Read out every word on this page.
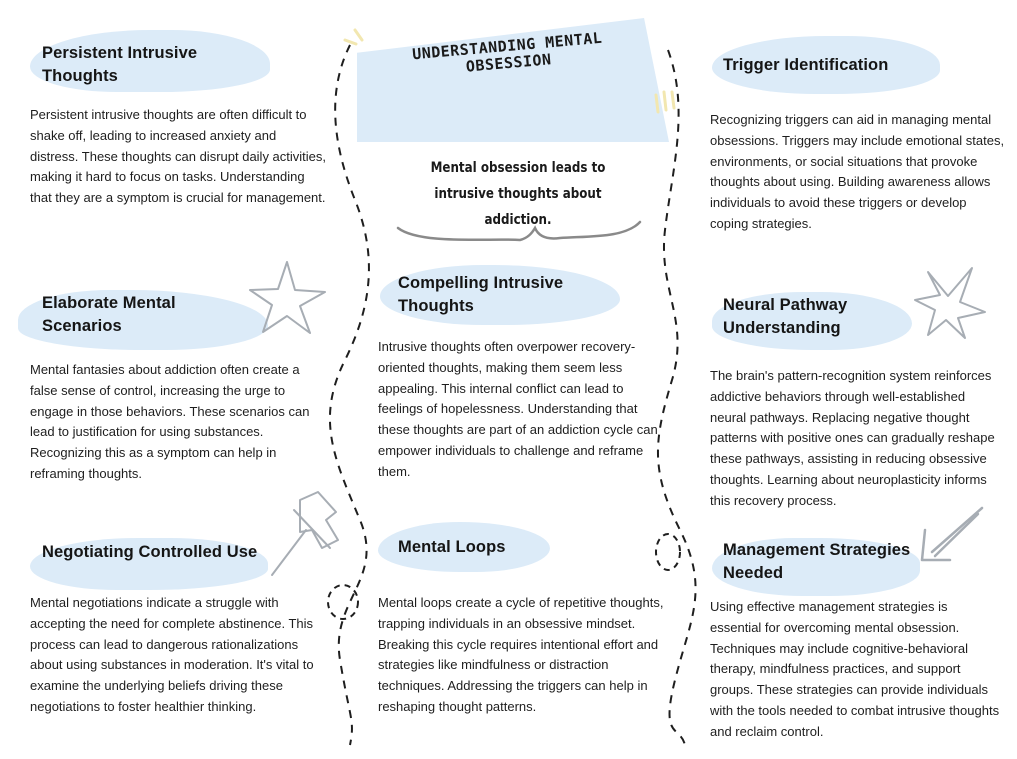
UNDERSTANDING MENTAL OBSESSION
Mental obsession leads to intrusive thoughts about addiction.
Persistent Intrusive Thoughts
Persistent intrusive thoughts are often difficult to shake off, leading to increased anxiety and distress. These thoughts can disrupt daily activities, making it hard to focus on tasks. Understanding that they are a symptom is crucial for management.
Elaborate Mental Scenarios
Mental fantasies about addiction often create a false sense of control, increasing the urge to engage in those behaviors. These scenarios can lead to justification for using substances. Recognizing this as a symptom can help in reframing thoughts.
Negotiating Controlled Use
Mental negotiations indicate a struggle with accepting the need for complete abstinence. This process can lead to dangerous rationalizations about using substances in moderation. It's vital to examine the underlying beliefs driving these negotiations to foster healthier thinking.
Compelling Intrusive Thoughts
Intrusive thoughts often overpower recovery-oriented thoughts, making them seem less appealing. This internal conflict can lead to feelings of hopelessness. Understanding that these thoughts are part of an addiction cycle can empower individuals to challenge and reframe them.
Mental Loops
Mental loops create a cycle of repetitive thoughts, trapping individuals in an obsessive mindset. Breaking this cycle requires intentional effort and strategies like mindfulness or distraction techniques. Addressing the triggers can help in reshaping thought patterns.
Trigger Identification
Recognizing triggers can aid in managing mental obsessions. Triggers may include emotional states, environments, or social situations that provoke thoughts about using. Building awareness allows individuals to avoid these triggers or develop coping strategies.
Neural Pathway Understanding
The brain's pattern-recognition system reinforces addictive behaviors through well-established neural pathways. Replacing negative thought patterns with positive ones can gradually reshape these pathways, assisting in reducing obsessive thoughts. Learning about neuroplasticity informs this recovery process.
Management Strategies Needed
Using effective management strategies is essential for overcoming mental obsession. Techniques may include cognitive-behavioral therapy, mindfulness practices, and support groups. These strategies can provide individuals with the tools needed to combat intrusive thoughts and reclaim control.
